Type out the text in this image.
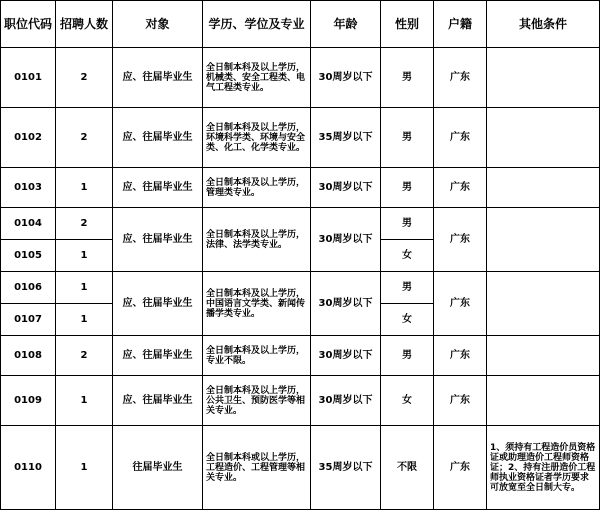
职位代码	招聘人数	对象	学历、学位及专业	年龄	性别	户籍	其他条件
0101	2	应、往届毕业生	全日制本科及以上学历，机械类、安全工程类、电气工程类专业。	30周岁以下	男	广东	
0102	2	应、往届毕业生	全日制本科及以上学历，环境科学类、环境与安全类、化工、化学类专业。	35周岁以下	男	广东	
0103	1	应、往届毕业生	全日制本科及以上学历，管理类专业。	30周岁以下	男	广东	
0104	2	应、往届毕业生	全日制本科及以上学历，法律、法学类专业。	30周岁以下	男	广东	
0105	1				女		
0106	1	应、往届毕业生	全日制本科及以上学历，中国语言文学类、新闻传播学类专业。	30周岁以下	男	广东	
0107	1				女		
0108	2	应、往届毕业生	全日制本科及以上学历，专业不限。	30周岁以下	男	广东	
0109	1	应、往届毕业生	全日制本科及以上学历，公共卫生、预防医学等相关专业。	30周岁以下	女	广东	
0110	1	往届毕业生	全日制本科或以上学历，工程造价、工程管理等相关专业。	35周岁以下	不限	广东	1、须持有工程造价员资格证或助理造价工程师资格证；2、持有注册造价工程师执业资格证者学历要求可放宽至全日制大专。
